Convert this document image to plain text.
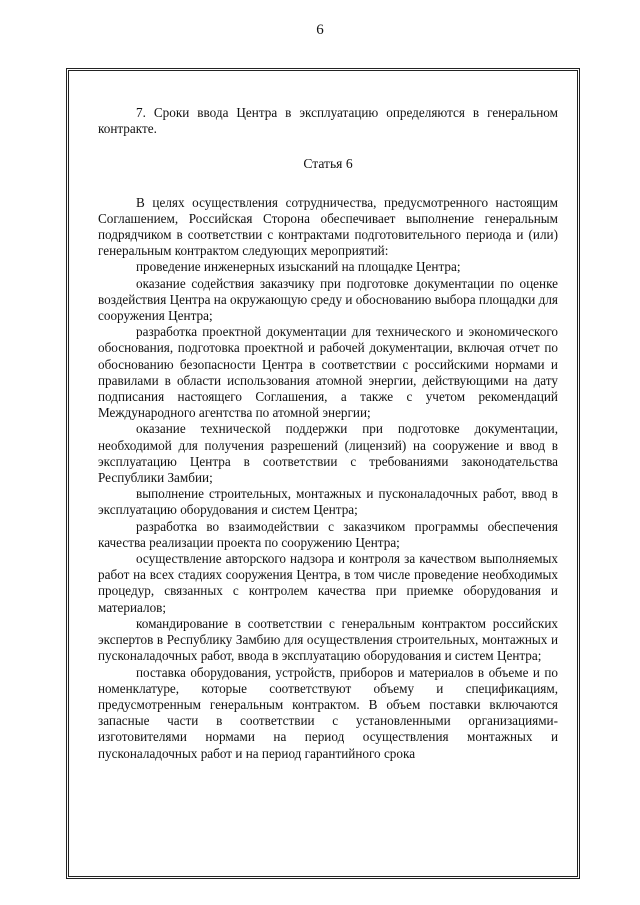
6

7. Сроки ввода Центра в эксплуатацию определяются в генеральном контракте.

Статья 6

В целях осуществления сотрудничества, предусмотренного настоящим Соглашением, Российская Сторона обеспечивает выполнение генеральным подрядчиком в соответствии с контрактами подготовительного периода и (или) генеральным контрактом следующих мероприятий:

проведение инженерных изысканий на площадке Центра;

оказание содействия заказчику при подготовке документации по оценке воздействия Центра на окружающую среду и обоснованию выбора площадки для сооружения Центра;

разработка проектной документации для технического и экономического обоснования, подготовка проектной и рабочей документации, включая отчет по обоснованию безопасности Центра в соответствии с российскими нормами и правилами в области использования атомной энергии, действующими на дату подписания настоящего Соглашения, а также с учетом рекомендаций Международного агентства по атомной энергии;

оказание технической поддержки при подготовке документации, необходимой для получения разрешений (лицензий) на сооружение и ввод в эксплуатацию Центра в соответствии с требованиями законодательства Республики Замбии;

выполнение строительных, монтажных и пусконаладочных работ, ввод в эксплуатацию оборудования и систем Центра;

разработка во взаимодействии с заказчиком программы обеспечения качества реализации проекта по сооружению Центра;

осуществление авторского надзора и контроля за качеством выполняемых работ на всех стадиях сооружения Центра, в том числе проведение необходимых процедур, связанных с контролем качества при приемке оборудования и материалов;

командирование в соответствии с генеральным контрактом российских экспертов в Республику Замбию для осуществления строительных, монтажных и пусконаладочных работ, ввода в эксплуатацию оборудования и систем Центра;

поставка оборудования, устройств, приборов и материалов в объеме и по номенклатуре, которые соответствуют объему и спецификациям, предусмотренным генеральным контрактом. В объем поставки включаются запасные части в соответствии с установленными организациями-изготовителями нормами на период осуществления монтажных и пусконаладочных работ и на период гарантийного срока
